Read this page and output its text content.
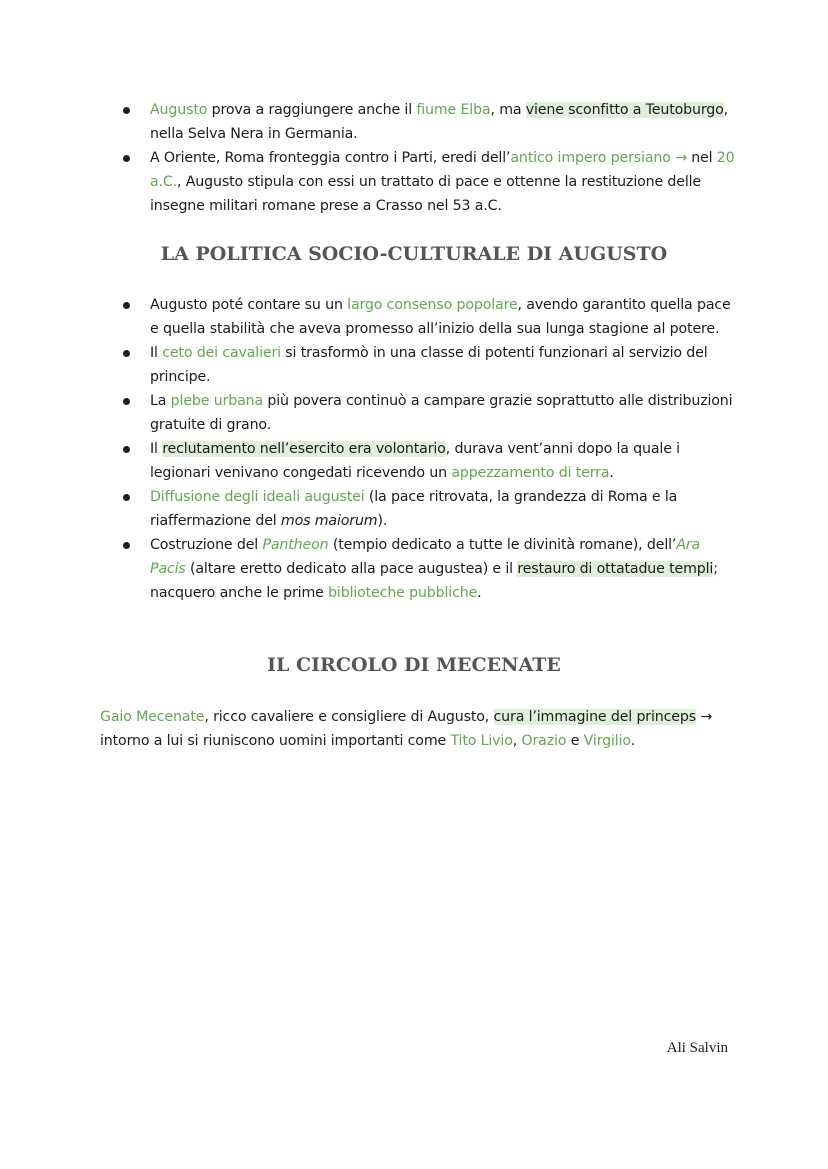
Augusto prova a raggiungere anche il fiume Elba, ma viene sconfitto a Teutoburgo, nella Selva Nera in Germania.
A Oriente, Roma fronteggia contro i Parti, eredi dell’antico impero persiano → nel 20 a.C., Augusto stipula con essi un trattato di pace e ottenne la restituzione delle insegne militari romane prese a Crasso nel 53 a.C.
LA POLITICA SOCIO-CULTURALE DI AUGUSTO
Augusto poté contare su un largo consenso popolare, avendo garantito quella pace e quella stabilità che aveva promesso all’inizio della sua lunga stagione al potere.
Il ceto dei cavalieri si trasformò in una classe di potenti funzionari al servizio del principe.
La plebe urbana più povera continuò a campare grazie soprattutto alle distribuzioni gratuite di grano.
Il reclutamento nell’esercito era volontario, durava vent’anni dopo la quale i legionari venivano congedati ricevendo un appezzamento di terra.
Diffusione degli ideali augustei (la pace ritrovata, la grandezza di Roma e la riaffermazione del mos maiorum).
Costruzione del Pantheon (tempio dedicato a tutte le divinità romane), dell’Ara Pacis (altare eretto dedicato alla pace augustea) e il restauro di ottatadue templi; nacquero anche le prime biblioteche pubbliche.
IL CIRCOLO DI MECENATE
Gaio Mecenate, ricco cavaliere e consigliere di Augusto, cura l’immagine del princeps → intorno a lui si riuniscono uomini importanti come Tito Livio, Orazio e Virgilio.
Ali Salvin
